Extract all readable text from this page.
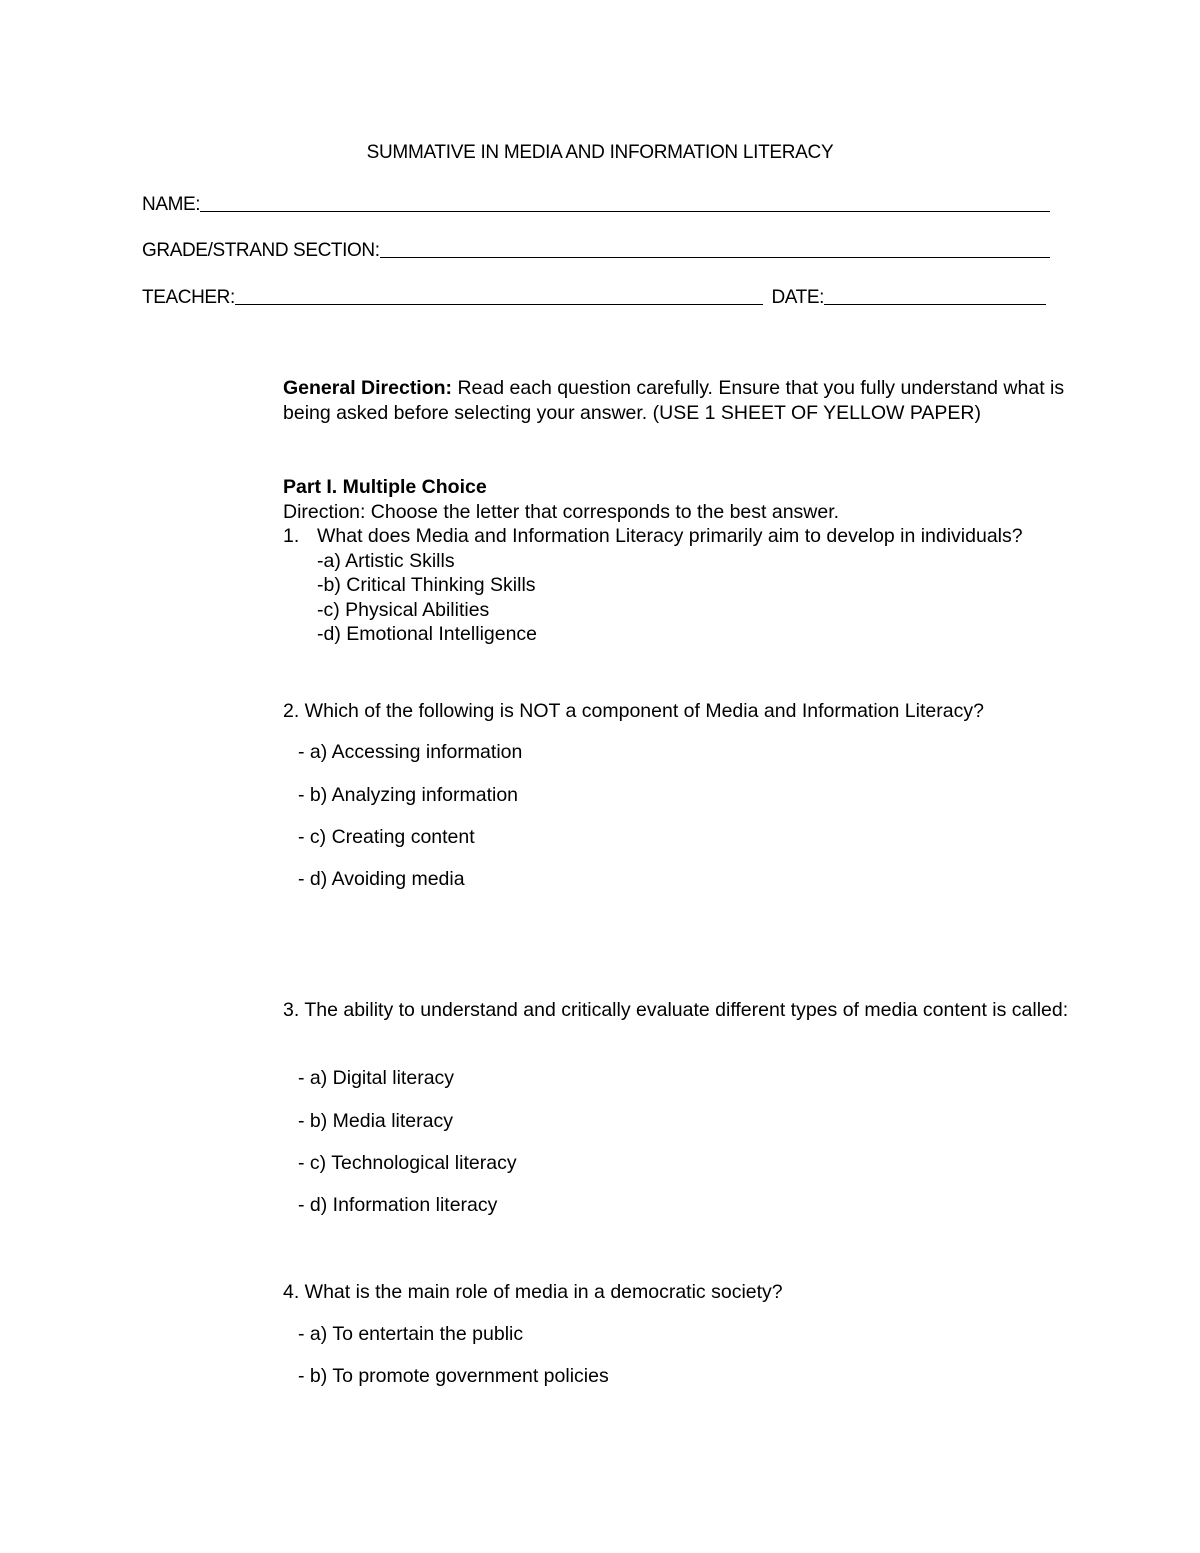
SUMMATIVE IN MEDIA AND INFORMATION LITERACY
NAME:
GRADE/STRAND SECTION:
TEACHER:	DATE:
General Direction: Read each question carefully. Ensure that you fully understand what is being asked before selecting your answer. (USE 1 SHEET OF YELLOW PAPER)
Part I. Multiple Choice
Direction: Choose the letter that corresponds to the best answer.
1. What does Media and Information Literacy primarily aim to develop in individuals?
-a) Artistic Skills
-b) Critical Thinking Skills
-c) Physical Abilities
-d) Emotional Intelligence
2. Which of the following is NOT a component of Media and Information Literacy?
- a) Accessing information
- b) Analyzing information
- c) Creating content
- d) Avoiding media
3. The ability to understand and critically evaluate different types of media content is called:
- a) Digital literacy
- b) Media literacy
- c) Technological literacy
- d) Information literacy
4. What is the main role of media in a democratic society?
- a) To entertain the public
- b) To promote government policies
